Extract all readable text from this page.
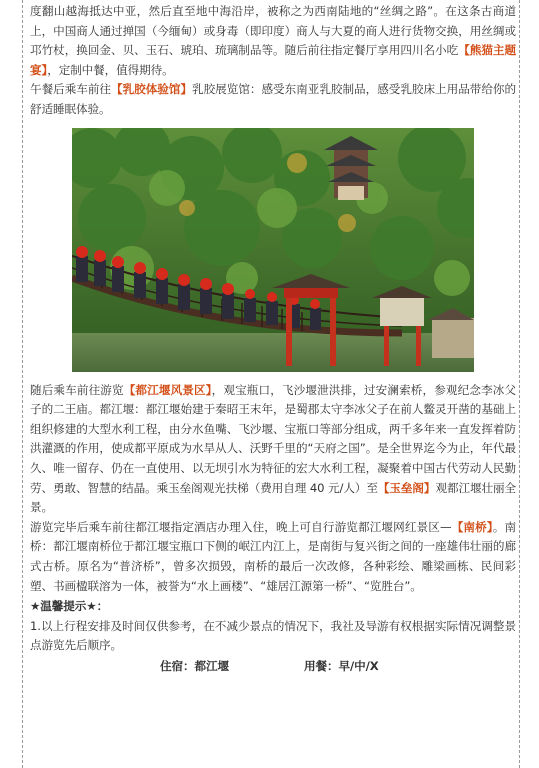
度翻山越海抵达中亚，然后直至地中海沿岸，被称之为西南陆地的“丝绸之路”。在这条古商道上，中国商人通过掸国（今缅甸）或身毒（即印度）商人与大夏的商人进行货物交换，用丝绸或邛竹杖，换回金、贝、玉石、琥珀、琉璃制品等。随后前往指定餐厅享用四川名小吃【熊猫主题宴】，定制中餐，值得期待。

午餐后乘车前往【乳胶体验馆】乳胶展览馆：感受东南亚乳胶制品，感受乳胶床上用品带给你的舒适睡眠体验。

随后乘车前往游览【都江堰风景区】，观宝瓶口，飞沙堰泄洪排，过安澜索桥，参观纪念李冰父子的二王庙。都江堰：都江堰始建于秦昭王末年，是蜀郡太守李冰父子在前人鳖灵开凿的基础上组织修建的大型水利工程，由分水鱼嘴、飞沙堰、宝瓶口等部分组成，两千多年来一直发挥着防洪灌溉的作用，使成都平原成为水旱从人、沃野千里的“天府之国”。是全世界迄今为止，年代最久、唯一留存、仍在一直使用、以无坝引水为特征的宏大水利工程，凝聚着中国古代劳动人民勤劳、勇敢、智慧的结晶。乘玉垒阁观光扶梯（费用自理 40 元/人）至【玉垒阁】观都江堰壮丽全景。

游览完毕后乘车前往都江堰指定酒店办理入住，晚上可自行游览都江堰网红景区—【南桥】。南桥：都江堰南桥位于都江堰宝瓶口下侧的岷江内江上，是南街与复兴街之间的一座雄伟壮丽的廊式古桥。原名为“普济桥”，曾多次损毁，南桥的最后一次改修，各种彩绘、雕梁画栋、民间彩塑、书画楹联溶为一体，被誉为“水上画楼”、“雄居江源第一桥”、“览胜台”。

★温馨提示★：

1.以上行程安排及时间仅供参考，在不减少景点的情况下，我社及导游有权根据实际情况调整景点游览先后顺序。

住宿：都江堰	用餐：早/中/X
